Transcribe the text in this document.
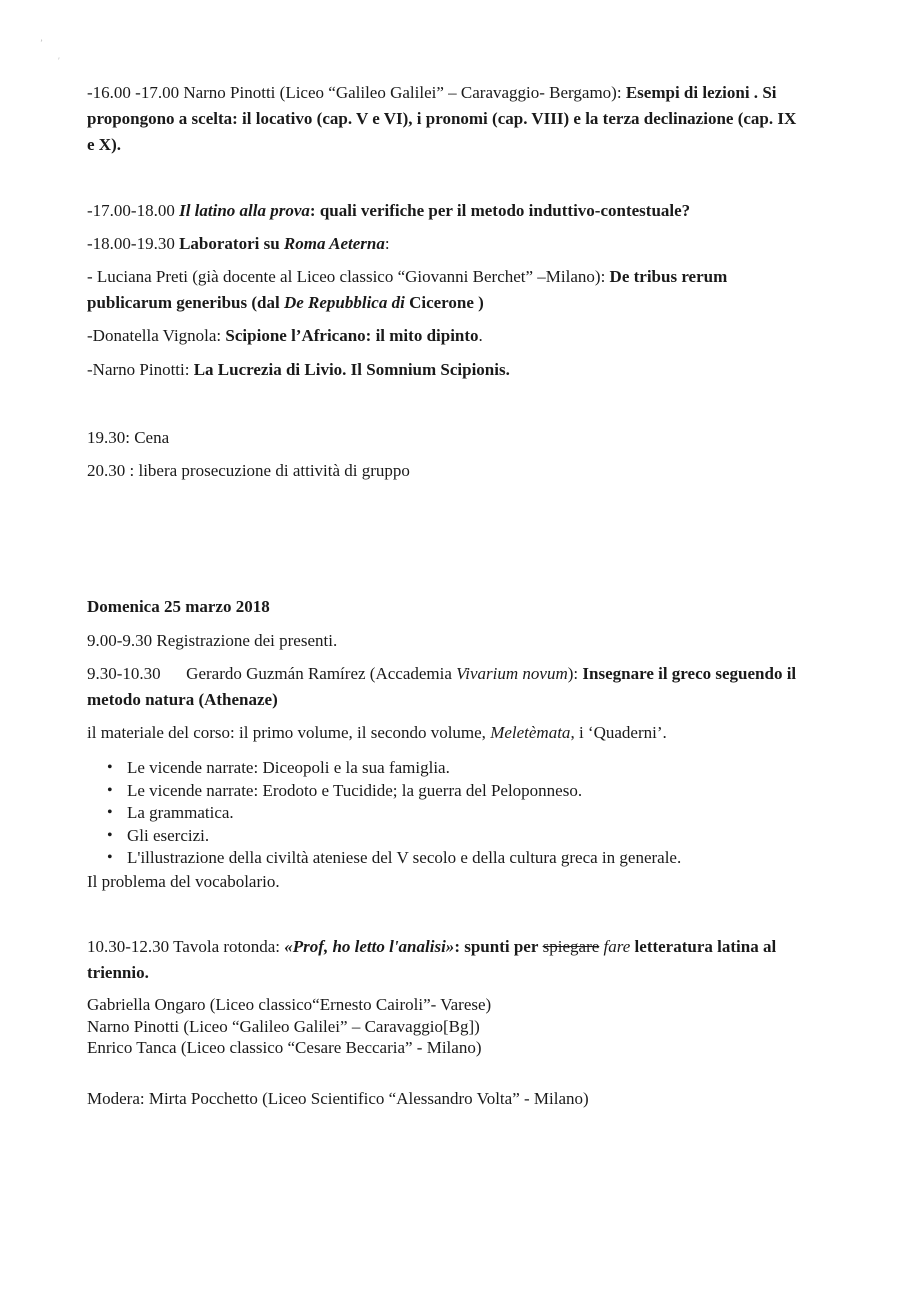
’
′

-16.00 -17.00 Narno Pinotti (Liceo “Galileo Galilei” – Caravaggio- Bergamo): Esempi di lezioni . Si propongono a scelta: il locativo (cap. V e VI), i pronomi (cap. VIII) e la terza declinazione (cap. IX e X).

-17.00-18.00 Il latino alla prova: quali verifiche per il metodo induttivo-contestuale?

-18.00-19.30 Laboratori su Roma Aeterna:

- Luciana Preti (già docente al Liceo classico “Giovanni Berchet” –Milano): De tribus rerum publicarum generibus (dal De Repubblica di Cicerone )

-Donatella Vignola: Scipione l’Africano: il mito dipinto.

-Narno Pinotti: La Lucrezia di Livio. Il Somnium Scipionis.

19.30: Cena

20.30 : libera prosecuzione di attività di gruppo

Domenica 25 marzo 2018

9.00-9.30 Registrazione dei presenti.

9.30-10.30 Gerardo Guzmán Ramírez (Accademia Vivarium novum): Insegnare il greco seguendo il metodo natura (Athenaze)

il materiale del corso: il primo volume, il secondo volume, Meletèmata, i ‘Quaderni’.

• Le vicende narrate: Diceopoli e la sua famiglia.
• Le vicende narrate: Erodoto e Tucidide; la guerra del Peloponneso.
• La grammatica.
• Gli esercizi.
• L'illustrazione della civiltà ateniese del V secolo e della cultura greca in generale.

Il problema del vocabolario.

10.30-12.30 Tavola rotonda: «Prof, ho letto l'analisi»: spunti per spiegare fare letteratura latina al triennio.

Gabriella Ongaro (Liceo classico“Ernesto Cairoli”- Varese)

Narno Pinotti (Liceo “Galileo Galilei” – Caravaggio[Bg])

Enrico Tanca (Liceo classico “Cesare Beccaria” - Milano)

Modera: Mirta Pocchetto (Liceo Scientifico “Alessandro Volta” - Milano)
